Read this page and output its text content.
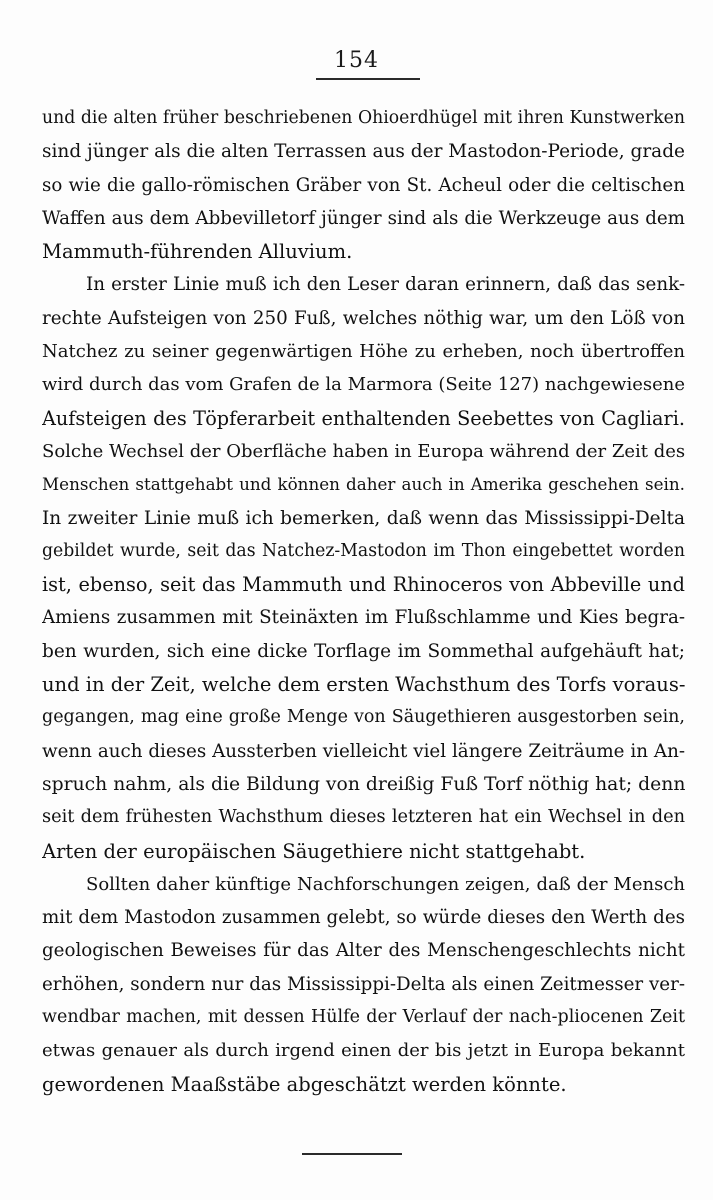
154
und die alten früher beschriebenen Ohioerdhügel mit ihren Kunstwerken
sind jünger als die alten Terrassen aus der Mastodon-Periode, grade
so wie die gallo-römischen Gräber von St. Acheul oder die celtischen
Waffen aus dem Abbevilletorf jünger sind als die Werkzeuge aus dem
Mammuth-führenden Alluvium.
In erster Linie muß ich den Leser daran erinnern, daß das senk-
rechte Aufsteigen von 250 Fuß, welches nöthig war, um den Löß von
Natchez zu seiner gegenwärtigen Höhe zu erheben, noch übertroffen
wird durch das vom Grafen de la Marmora (Seite 127) nachgewiesene
Aufsteigen des Töpferarbeit enthaltenden Seebettes von Cagliari.
Solche Wechsel der Oberfläche haben in Europa während der Zeit des
Menschen stattgehabt und können daher auch in Amerika geschehen sein.
In zweiter Linie muß ich bemerken, daß wenn das Mississippi-Delta
gebildet wurde, seit das Natchez-Mastodon im Thon eingebettet worden
ist, ebenso, seit das Mammuth und Rhinoceros von Abbeville und
Amiens zusammen mit Steinäxten im Flußschlamme und Kies begra-
ben wurden, sich eine dicke Torflage im Sommethal aufgehäuft hat;
und in der Zeit, welche dem ersten Wachsthum des Torfs voraus-
gegangen, mag eine große Menge von Säugethieren ausgestorben sein,
wenn auch dieses Aussterben vielleicht viel längere Zeiträume in An-
spruch nahm, als die Bildung von dreißig Fuß Torf nöthig hat; denn
seit dem frühesten Wachsthum dieses letzteren hat ein Wechsel in den
Arten der europäischen Säugethiere nicht stattgehabt.
Sollten daher künftige Nachforschungen zeigen, daß der Mensch
mit dem Mastodon zusammen gelebt, so würde dieses den Werth des
geologischen Beweises für das Alter des Menschengeschlechts nicht
erhöhen, sondern nur das Mississippi-Delta als einen Zeitmesser ver-
wendbar machen, mit dessen Hülfe der Verlauf der nach-pliocenen Zeit
etwas genauer als durch irgend einen der bis jetzt in Europa bekannt
gewordenen Maaßstäbe abgeschätzt werden könnte.
